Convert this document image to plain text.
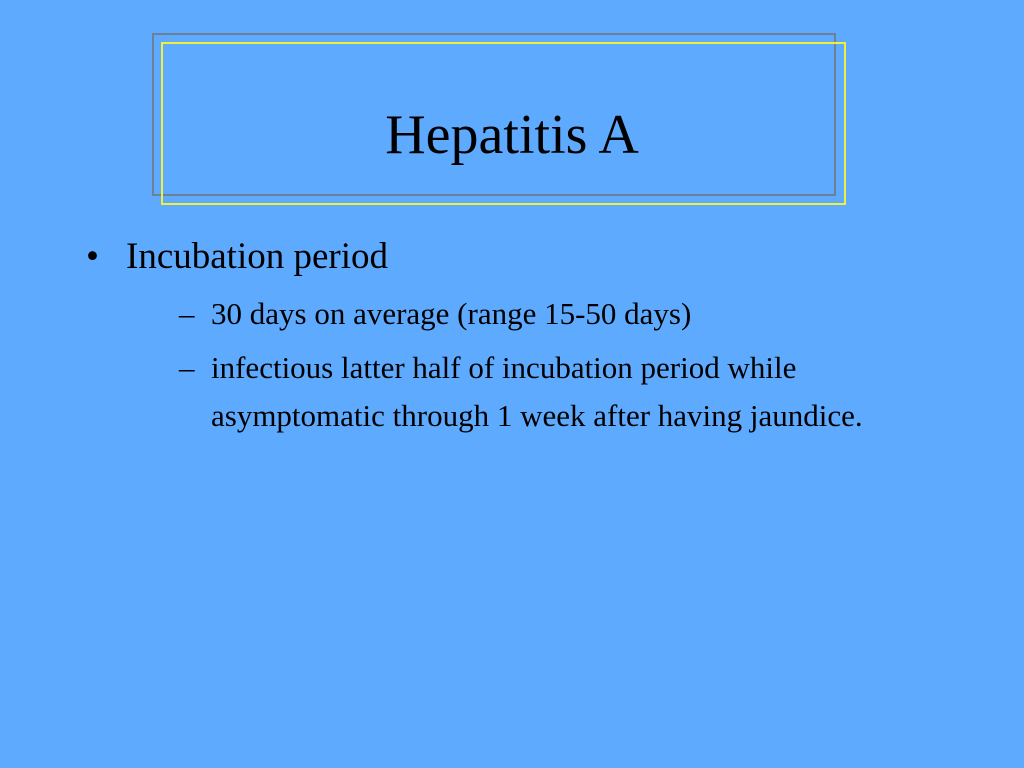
Hepatitis A
• Incubation period
– 30 days on average (range 15-50 days)
– infectious latter half of incubation period while asymptomatic through 1 week after having jaundice.
